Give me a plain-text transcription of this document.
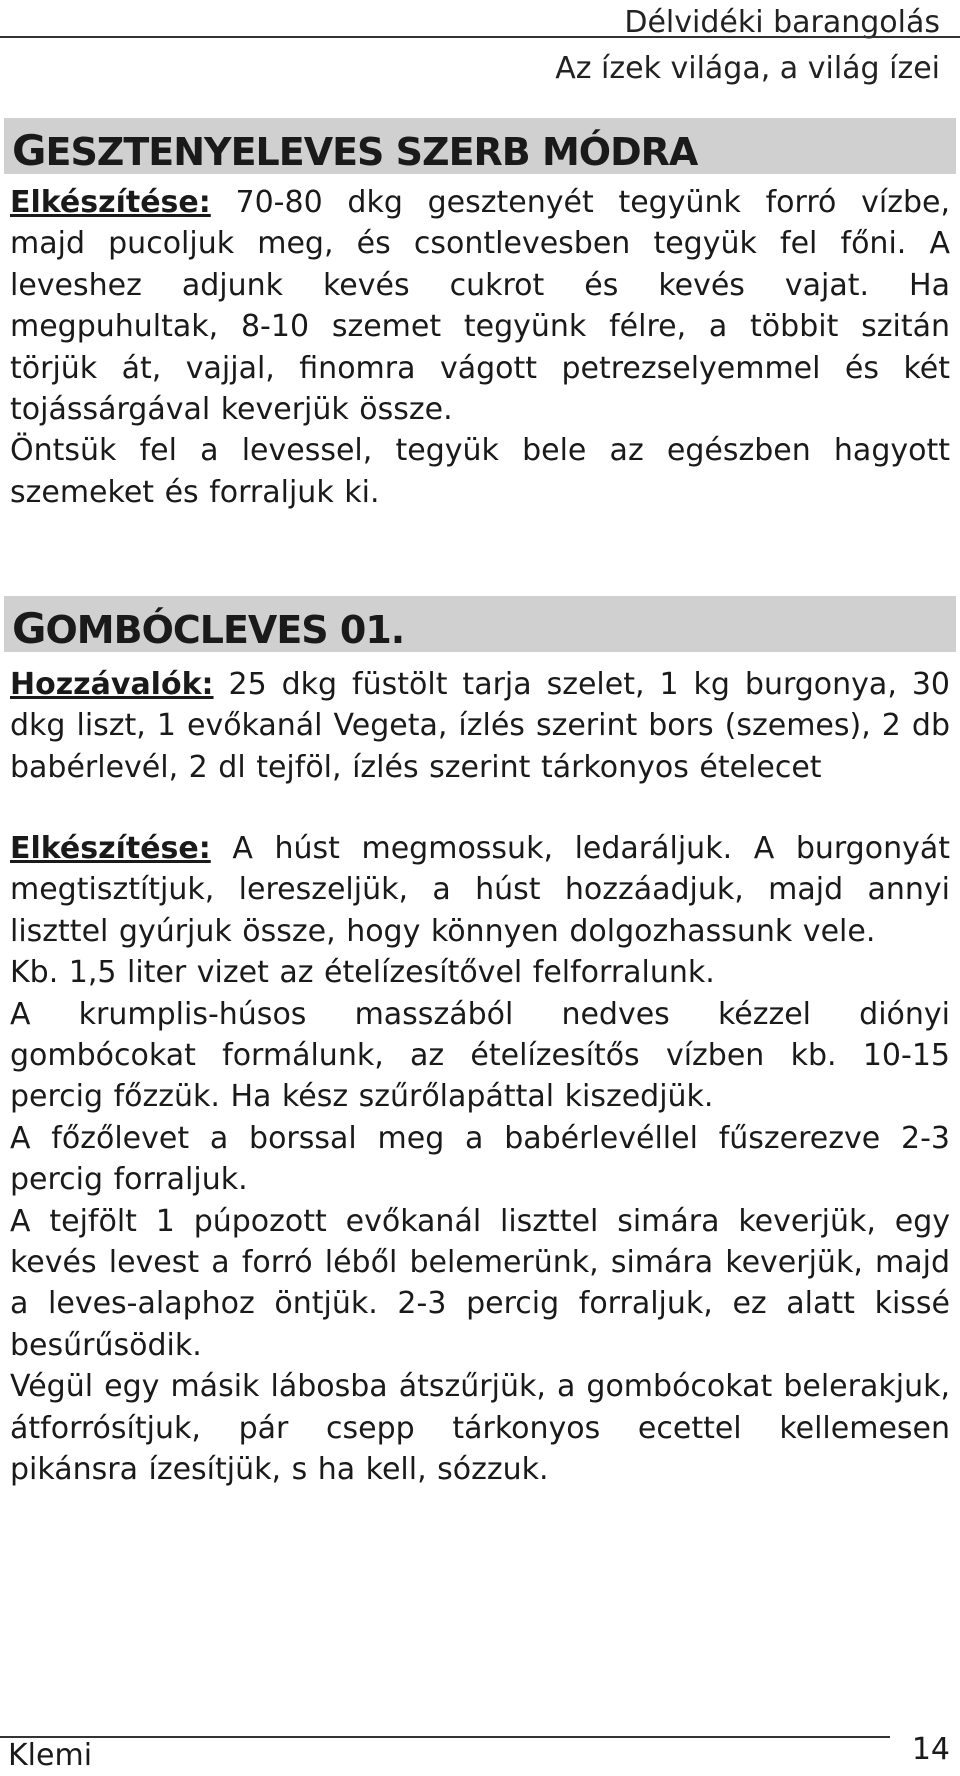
Délvidéki barangolás
Az ízek világa, a világ ízei
GESZTENYELEVES SZERB MÓDRA

Elkészítése: 70-80 dkg gesztenyét tegyünk forró vízbe, majd pucoljuk meg, és csontlevesben tegyük fel főni. A leveshez adjunk kevés cukrot és kevés vajat. Ha megpuhultak, 8-10 szemet tegyünk félre, a többit szitán törjük át, vajjal, finomra vágott petrezselyemmel és két tojássárgával keverjük össze.

Öntsük fel a levessel, tegyük bele az egészben hagyott szemeket és forraljuk ki.

GOMBÓCLEVES 01.

Hozzávalók: 25 dkg füstölt tarja szelet, 1 kg burgonya, 30 dkg liszt, 1 evőkanál Vegeta, ízlés szerint bors (szemes), 2 db babérlevél, 2 dl tejföl, ízlés szerint tárkonyos ételecet

Elkészítése: A húst megmossuk, ledaráljuk. A burgonyát megtisztítjuk, lereszeljük, a húst hozzáadjuk, majd annyi liszttel gyúrjuk össze, hogy könnyen dolgozhassunk vele.

Kb. 1,5 liter vizet az ételízesítővel felforralunk.

A krumplis-húsos masszából nedves kézzel diónyi gombócokat formálunk, az ételízesítős vízben kb. 10-15 percig főzzük. Ha kész szűrőlapáttal kiszedjük.

A főzőlevet a borssal meg a babérlevéllel fűszerezve 2-3 percig forraljuk.

A tejfölt 1 púpozott evőkanál liszttel simára keverjük, egy kevés levest a forró léből belemerünk, simára keverjük, majd a leves-alaphoz öntjük. 2-3 percig forraljuk, ez alatt kissé besűrűsödik.

Végül egy másik lábosba átszűrjük, a gombócokat belerakjuk, átforrósítjuk, pár csepp tárkonyos ecettel kellemesen pikánsra ízesítjük, s ha kell, sózzuk.

Klemi	14
